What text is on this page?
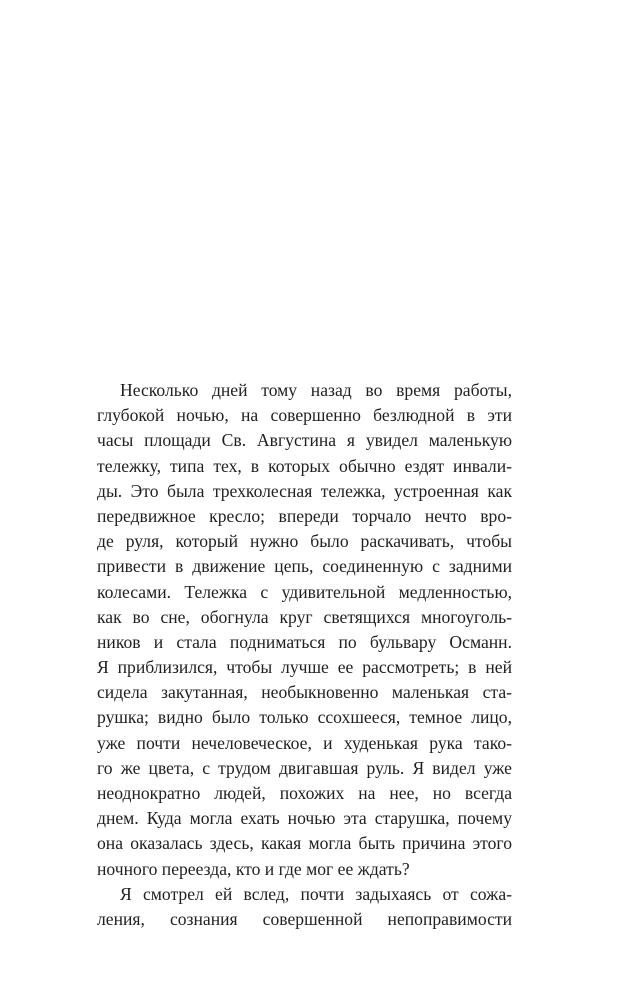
Несколько дней тому назад во время работы,
глубокой ночью, на совершенно безлюдной в эти
часы площади Св. Августина я увидел маленькую
тележку, типа тех, в которых обычно ездят инвали-
ды. Это была трехколесная тележка, устроенная как
передвижное кресло; впереди торчало нечто вро-
де руля, который нужно было раскачивать, чтобы
привести в движение цепь, соединенную с задними
колесами. Тележка с удивительной медленностью,
как во сне, обогнула круг светящихся многоуголь-
ников и стала подниматься по бульвару Османн.
Я приблизился, чтобы лучше ее рассмотреть; в ней
сидела закутанная, необыкновенно маленькая ста-
рушка; видно было только ссохшееся, темное лицо,
уже почти нечеловеческое, и худенькая рука тако-
го же цвета, с трудом двигавшая руль. Я видел уже
неоднократно людей, похожих на нее, но всегда
днем. Куда могла ехать ночью эта старушка, почему
она оказалась здесь, какая могла быть причина этого
ночного переезда, кто и где мог ее ждать?
Я смотрел ей вслед, почти задыхаясь от сожа-
ления, сознания совершенной непоправимости
